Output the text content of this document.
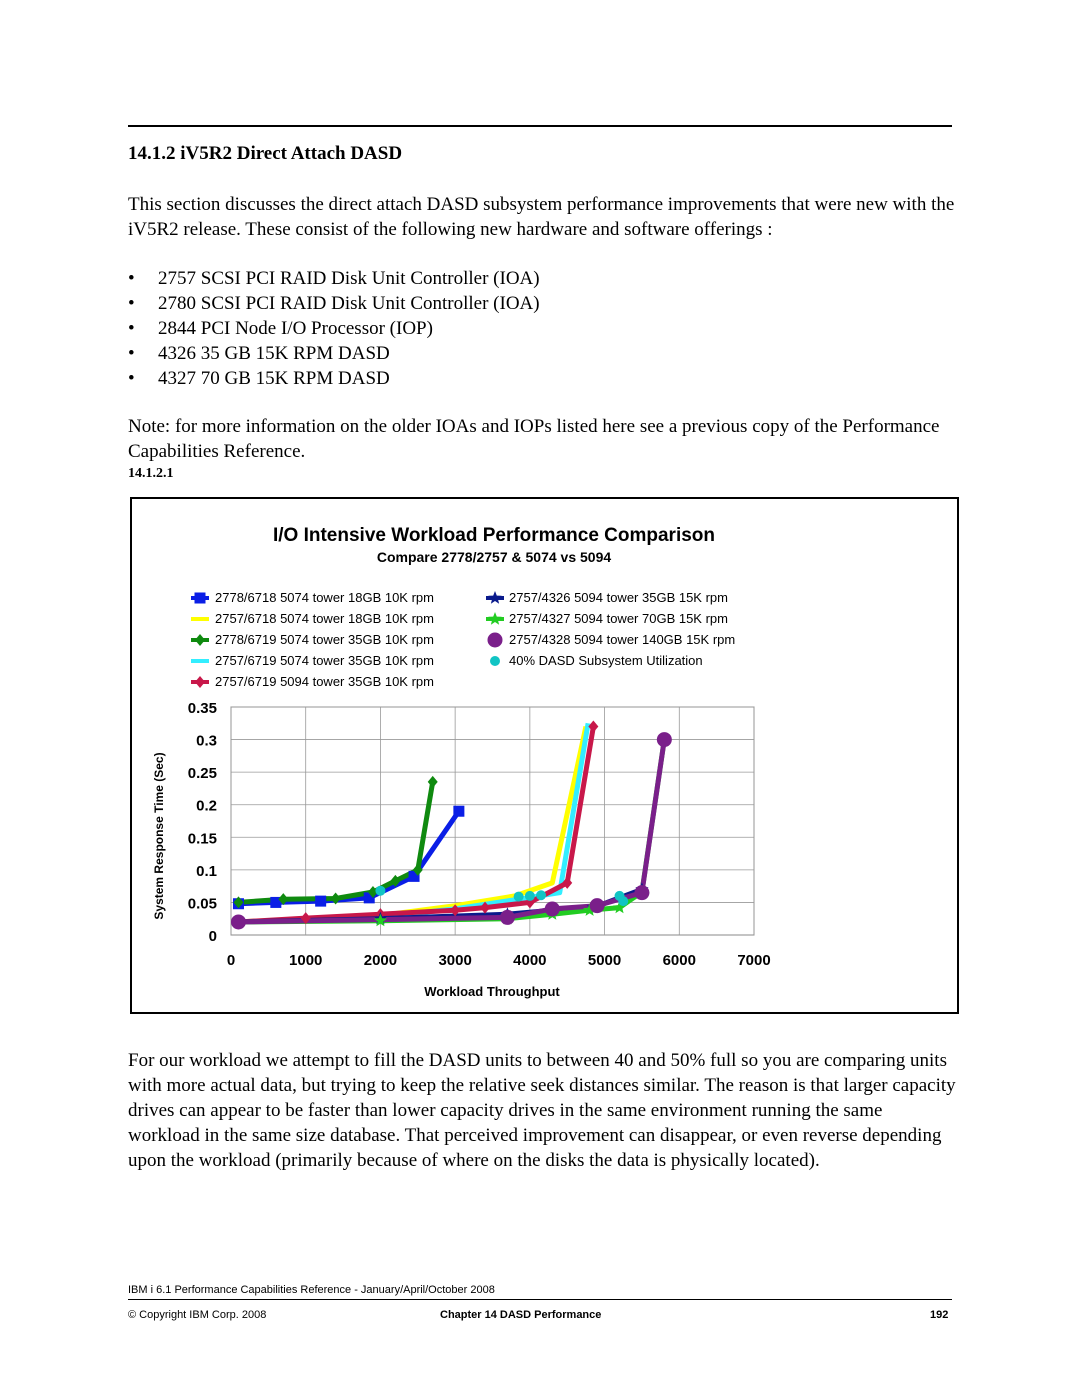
14.1.2 iV5R2 Direct Attach DASD
This section discusses the direct attach DASD subsystem performance improvements that were new with the iV5R2 release. These consist of the following new hardware and software offerings :
• 2757 SCSI PCI RAID Disk Unit Controller (IOA)
• 2780 SCSI PCI RAID Disk Unit Controller (IOA)
• 2844 PCI Node I/O Processor (IOP)
• 4326 35 GB 15K RPM DASD
• 4327 70 GB 15K RPM DASD
Note: for more information on the older IOAs and IOPs listed here see a previous copy of the Performance Capabilities Reference.
14.1.2.1
I/O Intensive Workload Performance Comparison
Compare 2778/2757 & 5074 vs 5094
2778/6718 5074 tower 18GB 10K rpm
2757/6718 5074 tower 18GB 10K rpm
2778/6719 5074 tower 35GB 10K rpm
2757/6719 5074 tower 35GB 10K rpm
2757/6719 5094 tower 35GB 10K rpm
2757/4326 5094 tower 35GB 15K rpm
2757/4327 5094 tower 70GB 15K rpm
2757/4328 5094 tower 140GB 15K rpm
40% DASD Subsystem Utilization
0
0.05
0.1
0.15
0.2
0.25
0.3
0.35
0	1000	2000	3000	4000	5000	6000	7000
System Response Time (Sec)
Workload Throughput
For our workload we attempt to fill the DASD units to between 40 and 50% full so you are comparing units with more actual data, but trying to keep the relative seek distances similar. The reason is that larger capacity drives can appear to be faster than lower capacity drives in the same environment running the same workload in the same size database. That perceived improvement can disappear, or even reverse depending upon the workload (primarily because of where on the disks the data is physically located).
IBM i 6.1 Performance Capabilities Reference - January/April/October 2008
© Copyright IBM Corp. 2008	Chapter 14 DASD Performance	192
